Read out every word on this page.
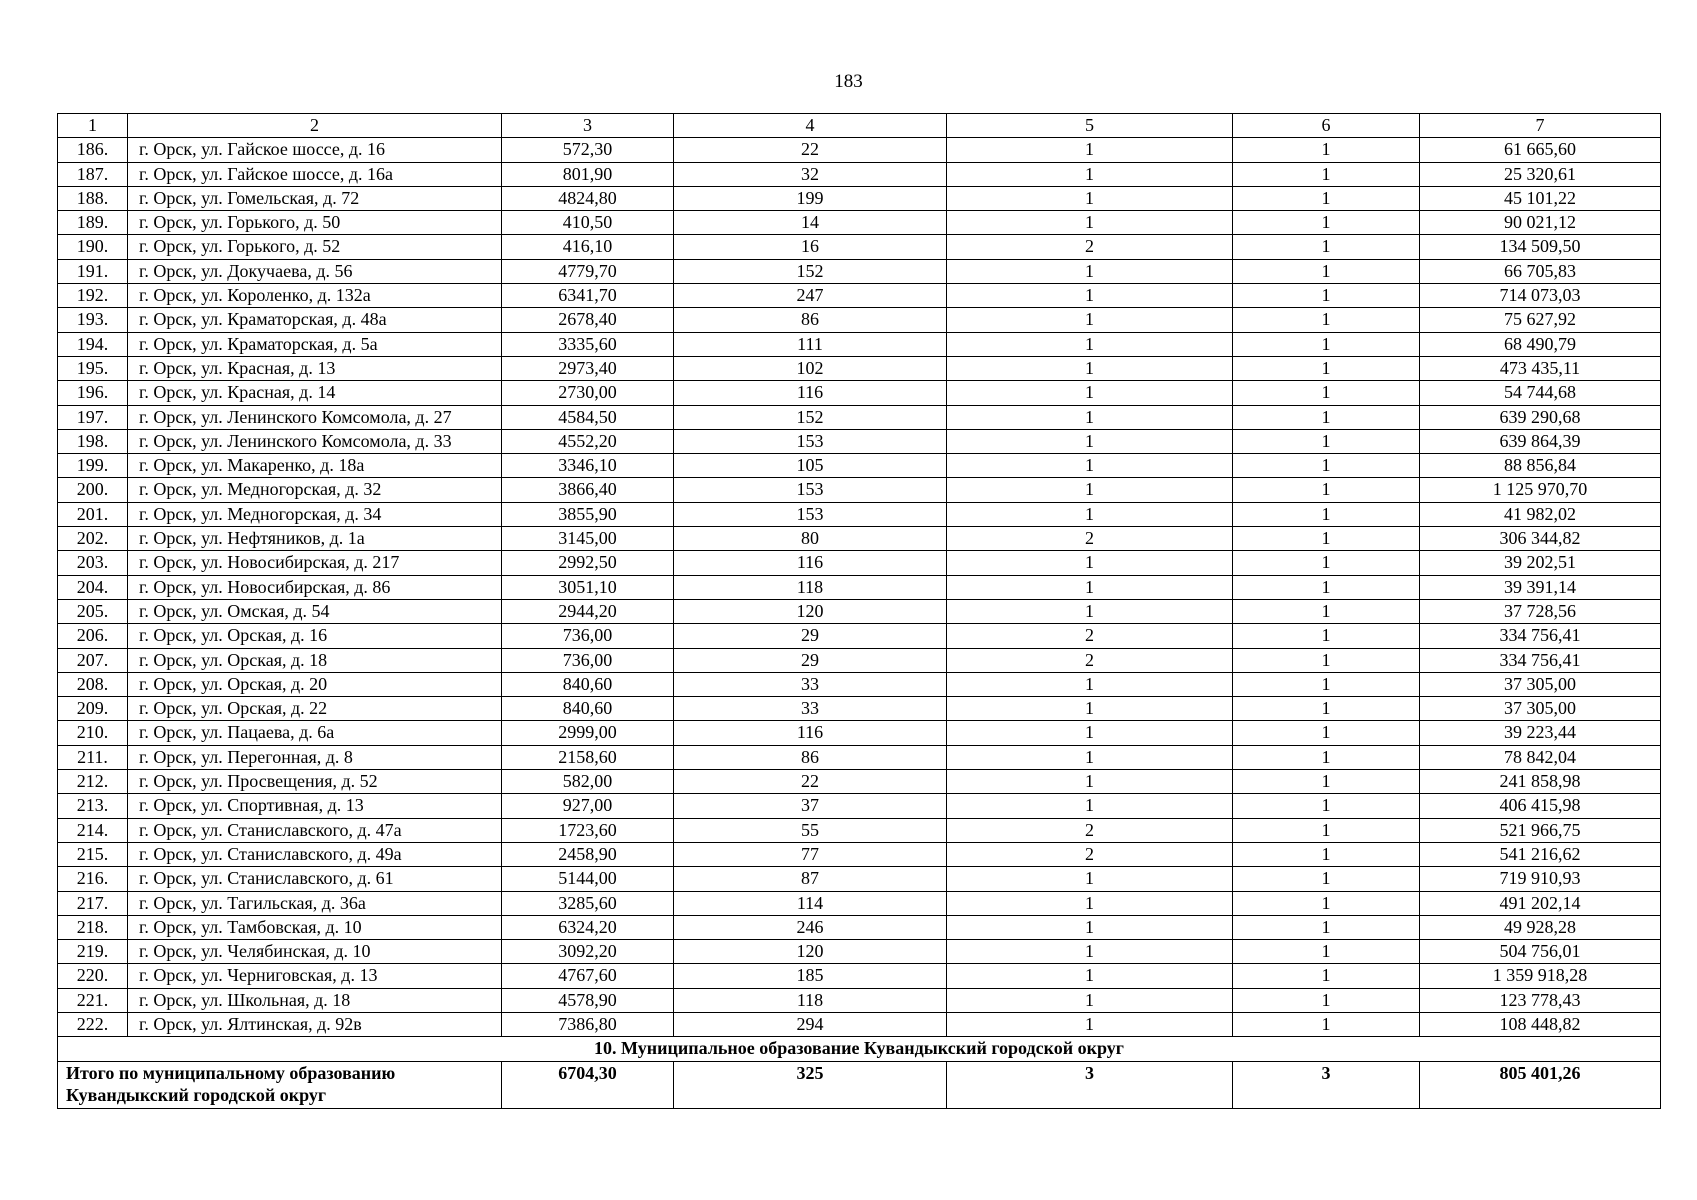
183
1	2	3	4	5	6	7
186.	г. Орск, ул. Гайское шоссе, д. 16	572,30	22	1	1	61 665,60
187.	г. Орск, ул. Гайское шоссе, д. 16а	801,90	32	1	1	25 320,61
188.	г. Орск, ул. Гомельская, д. 72	4824,80	199	1	1	45 101,22
189.	г. Орск, ул. Горького, д. 50	410,50	14	1	1	90 021,12
190.	г. Орск, ул. Горького, д. 52	416,10	16	2	1	134 509,50
191.	г. Орск, ул. Докучаева, д. 56	4779,70	152	1	1	66 705,83
192.	г. Орск, ул. Короленко, д. 132а	6341,70	247	1	1	714 073,03
193.	г. Орск, ул. Краматорская, д. 48а	2678,40	86	1	1	75 627,92
194.	г. Орск, ул. Краматорская, д. 5а	3335,60	111	1	1	68 490,79
195.	г. Орск, ул. Красная, д. 13	2973,40	102	1	1	473 435,11
196.	г. Орск, ул. Красная, д. 14	2730,00	116	1	1	54 744,68
197.	г. Орск, ул. Ленинского Комсомола, д. 27	4584,50	152	1	1	639 290,68
198.	г. Орск, ул. Ленинского Комсомола, д. 33	4552,20	153	1	1	639 864,39
199.	г. Орск, ул. Макаренко, д. 18а	3346,10	105	1	1	88 856,84
200.	г. Орск, ул. Медногорская, д. 32	3866,40	153	1	1	1 125 970,70
201.	г. Орск, ул. Медногорская, д. 34	3855,90	153	1	1	41 982,02
202.	г. Орск, ул. Нефтяников, д. 1а	3145,00	80	2	1	306 344,82
203.	г. Орск, ул. Новосибирская, д. 217	2992,50	116	1	1	39 202,51
204.	г. Орск, ул. Новосибирская, д. 86	3051,10	118	1	1	39 391,14
205.	г. Орск, ул. Омская, д. 54	2944,20	120	1	1	37 728,56
206.	г. Орск, ул. Орская, д. 16	736,00	29	2	1	334 756,41
207.	г. Орск, ул. Орская, д. 18	736,00	29	2	1	334 756,41
208.	г. Орск, ул. Орская, д. 20	840,60	33	1	1	37 305,00
209.	г. Орск, ул. Орская, д. 22	840,60	33	1	1	37 305,00
210.	г. Орск, ул. Пацаева, д. 6а	2999,00	116	1	1	39 223,44
211.	г. Орск, ул. Перегонная, д. 8	2158,60	86	1	1	78 842,04
212.	г. Орск, ул. Просвещения, д. 52	582,00	22	1	1	241 858,98
213.	г. Орск, ул. Спортивная, д. 13	927,00	37	1	1	406 415,98
214.	г. Орск, ул. Станиславского, д. 47а	1723,60	55	2	1	521 966,75
215.	г. Орск, ул. Станиславского, д. 49а	2458,90	77	2	1	541 216,62
216.	г. Орск, ул. Станиславского, д. 61	5144,00	87	1	1	719 910,93
217.	г. Орск, ул. Тагильская, д. 36а	3285,60	114	1	1	491 202,14
218.	г. Орск, ул. Тамбовская, д. 10	6324,20	246	1	1	49 928,28
219.	г. Орск, ул. Челябинская, д. 10	3092,20	120	1	1	504 756,01
220.	г. Орск, ул. Черниговская, д. 13	4767,60	185	1	1	1 359 918,28
221.	г. Орск, ул. Школьная, д. 18	4578,90	118	1	1	123 778,43
222.	г. Орск, ул. Ялтинская, д. 92в	7386,80	294	1	1	108 448,82
10. Муниципальное образование Кувандыкский городской округ						
Итого по муниципальному образованию Кувандыкский городской округ		6704,30	325	3	3	805 401,26
